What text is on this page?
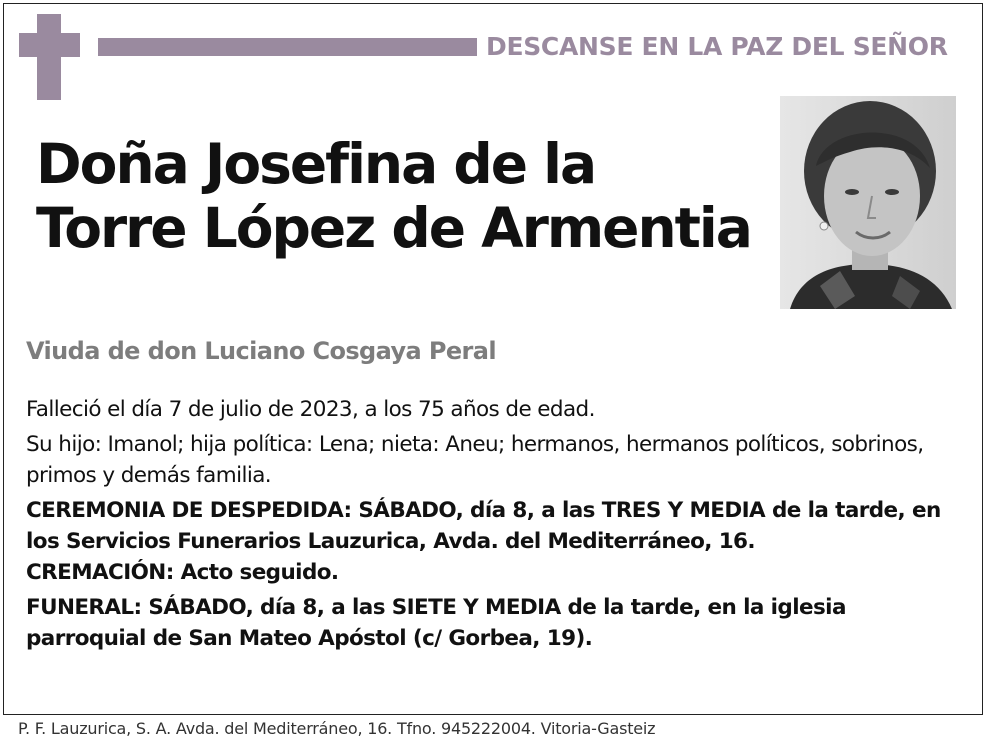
DESCANSE EN LA PAZ DEL SEÑOR
Doña Josefina de la
Torre López de Armentia
Viuda de don Luciano Cosgaya Peral

Falleció el día 7 de julio de 2023, a los 75 años de edad.

Su hijo: Imanol; hija política: Lena; nieta: Aneu; hermanos, hermanos políticos, sobrinos, primos y demás familia.

CEREMONIA DE DESPEDIDA: SÁBADO, día 8, a las TRES Y MEDIA de la tarde, en los Servicios Funerarios Lauzurica, Avda. del Mediterráneo, 16.
CREMACIÓN: Acto seguido.

FUNERAL: SÁBADO, día 8, a las SIETE Y MEDIA de la tarde, en la iglesia parroquial de San Mateo Apóstol (c/ Gorbea, 19).

P. F. Lauzurica, S. A. Avda. del Mediterráneo, 16. Tfno. 945222004. Vitoria-Gasteiz
